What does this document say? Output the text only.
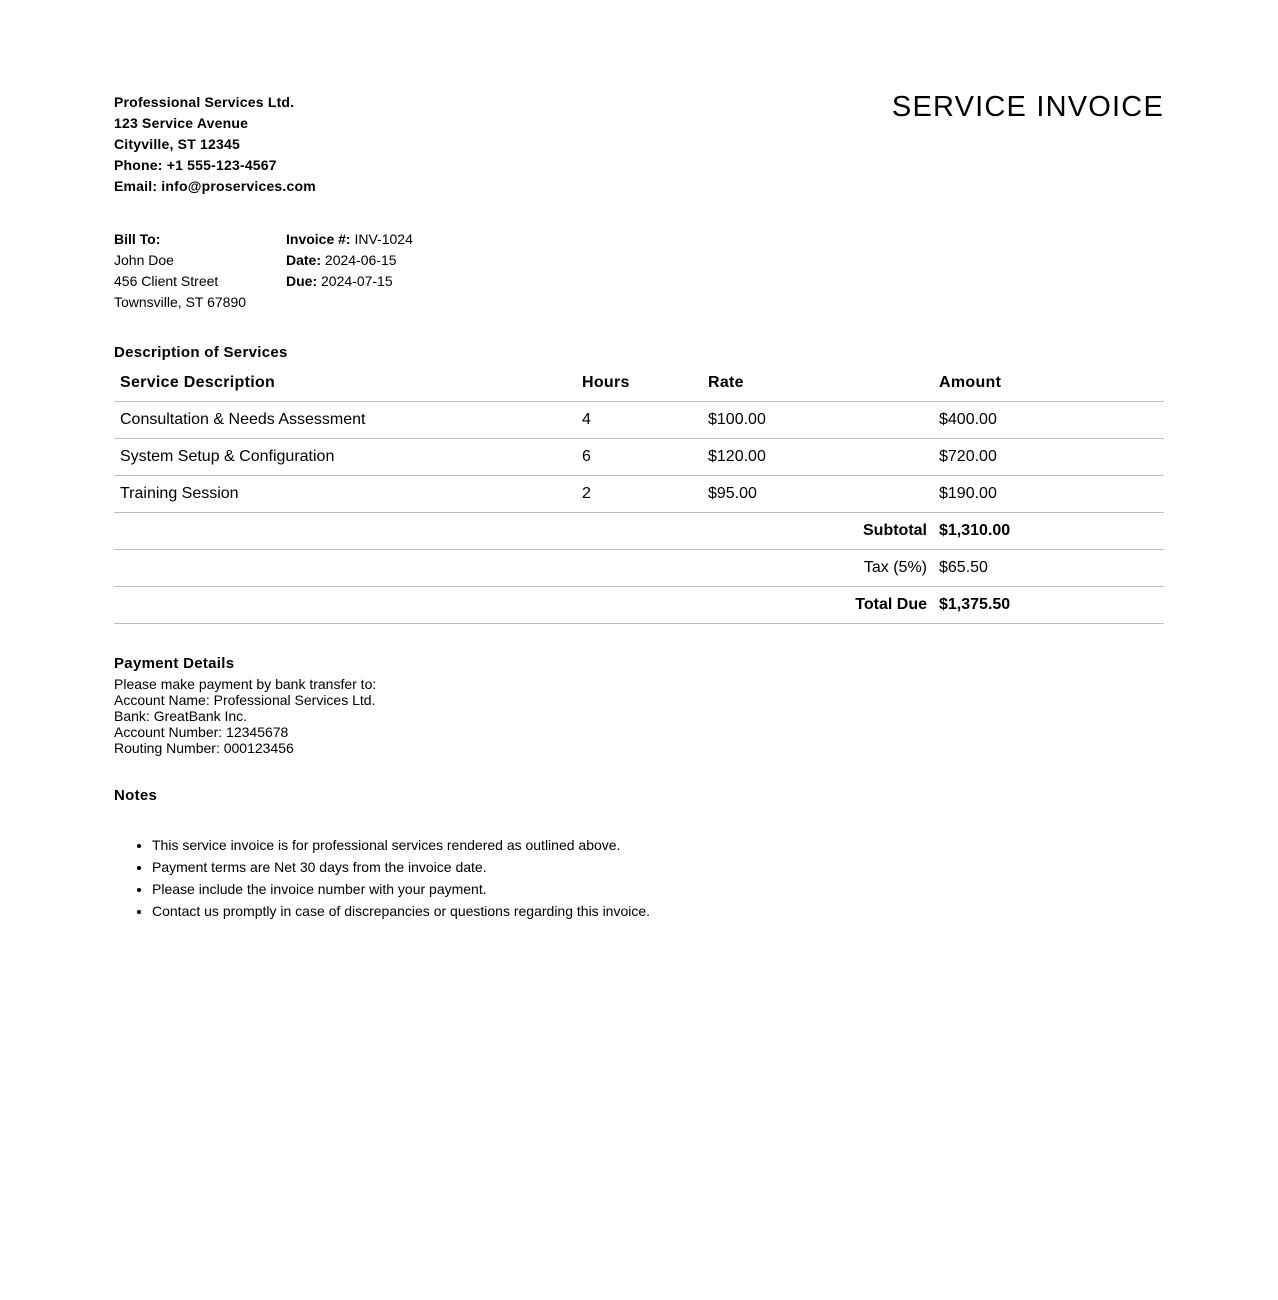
Professional Services Ltd.
123 Service Avenue
Cityville, ST 12345
Phone: +1 555-123-4567
Email: info@proservices.com
SERVICE INVOICE
Bill To:
John Doe
456 Client Street
Townsville, ST 67890
Invoice #: INV-1024
Date: 2024-06-15
Due: 2024-07-15
Description of Services
Service Description	Hours	Rate	Amount
Consultation & Needs Assessment	4	$100.00	$400.00
System Setup & Configuration	6	$120.00	$720.00
Training Session	2	$95.00	$190.00
Subtotal			$1,310.00
Tax (5%)			$65.50
Total Due			$1,375.50
Payment Details
Please make payment by bank transfer to:
Account Name: Professional Services Ltd.
Bank: GreatBank Inc.
Account Number: 12345678
Routing Number: 000123456
Notes
• This service invoice is for professional services rendered as outlined above.
• Payment terms are Net 30 days from the invoice date.
• Please include the invoice number with your payment.
• Contact us promptly in case of discrepancies or questions regarding this invoice.
